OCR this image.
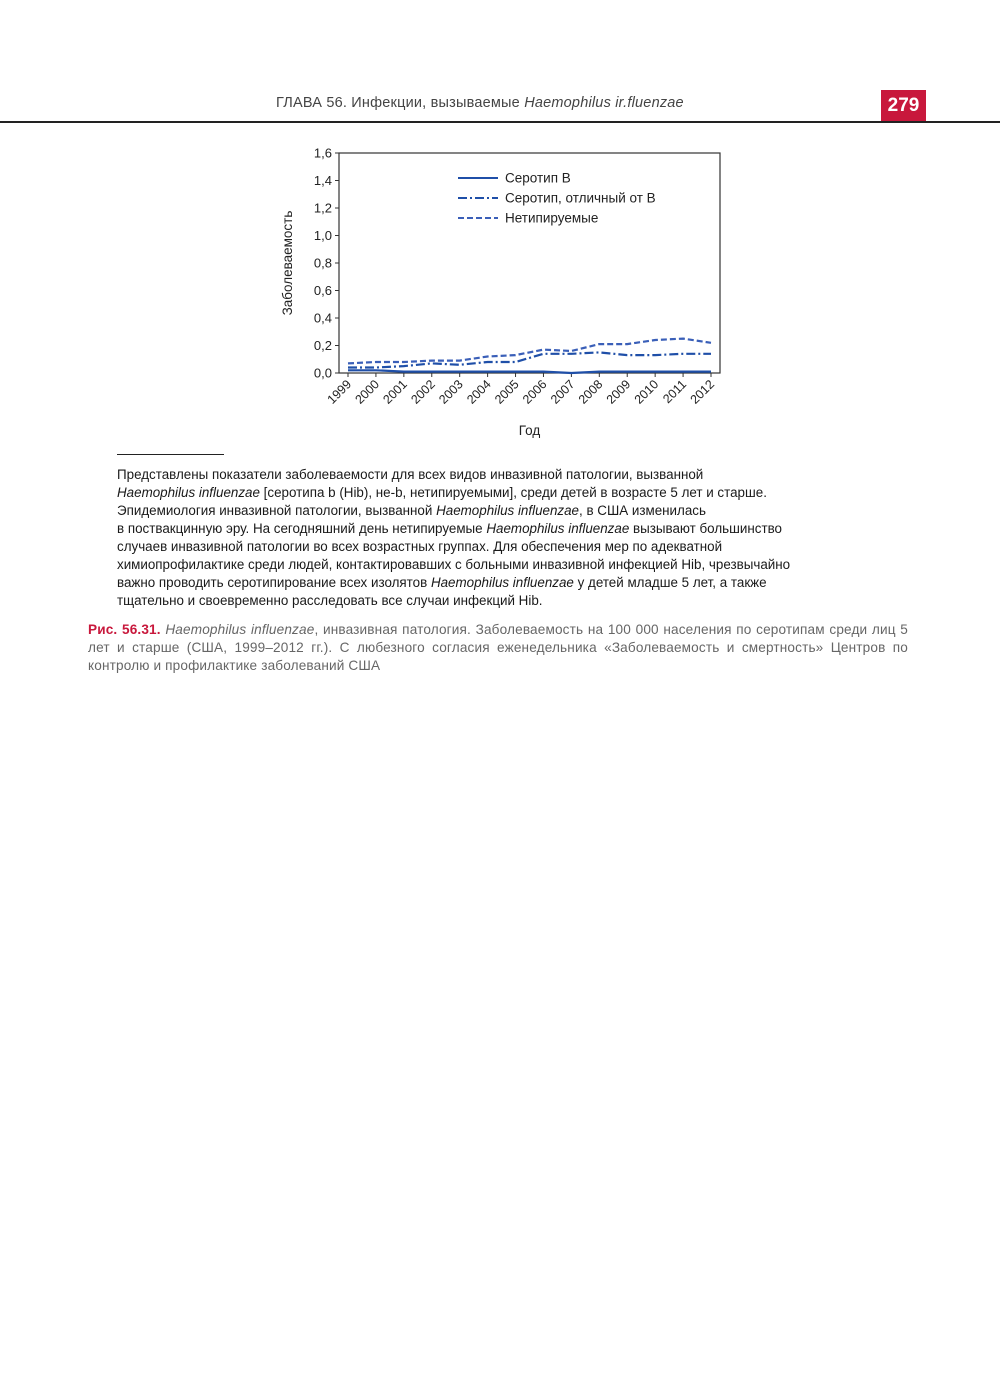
ГЛАВА 56. Инфекции, вызываемые Haemophilus ir.fluenzae	279
0,0
0,2
0,4
0,6
0,8
1,0
1,2
1,4
1,6
1999
2000
2001
2002
2003
2004
2005
2006
2007
2008
2009
2010 2011
2012
Год
Заболеваемость
Серотип B
Серотип, отличный от B
Нетипируемые

Представлены показатели заболеваемости для всех видов инвазивной патологии, вызванной

Haemophilus influenzae [серотипа b (Hib), не-b, нетипируемыми], среди детей в возрасте 5 лет и старше.

Эпидемиология инвазивной патологии, вызванной Haemophilus influenzae, в США изменилась

в поствакцинную эру. На сегодняшний день нетипируемые Haemophilus influenzae вызывают большинство

случаев инвазивной патологии во всех возрастных группах. Для обеспечения мер по адекватной

химиопрофилактике среди людей, контактировавших с больными инвазивной инфекцией Hib, чрезвычайно

важно проводить серотипирование всех изолятов Haemophilus influenzae у детей младше 5 лет, а также

тщательно и своевременно расследовать все случаи инфекций Hib.

Рис. 56.31. Haemophilus influenzae, инвазивная патология. Заболеваемость на 100 000 населения по серотипам среди лиц 5 лет и старше (США, 1999–2012 гг.). С любезного согласия еженедельника «Заболеваемость и смертность» Центров по контролю и профилактике заболеваний США
